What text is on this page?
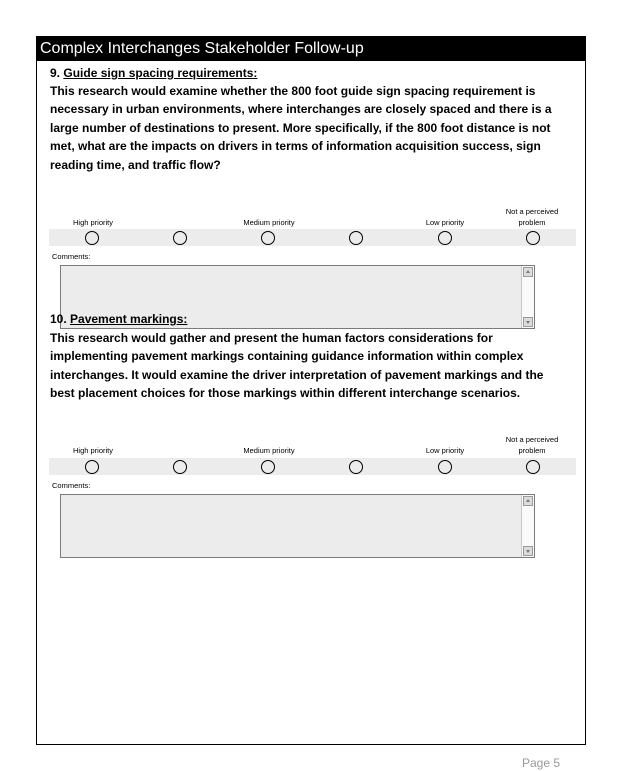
Complex Interchanges Stakeholder Follow-up
9. Guide sign spacing requirements:
This research would examine whether the 800 foot guide sign spacing requirement is necessary in urban environments, where interchanges are closely spaced and there is a large number of destinations to present. More specifically, if the 800 foot distance is not met, what are the impacts on drivers in terms of information acquisition success, sign reading time, and traffic flow?
High priority	Medium priority	Low priority
Not a perceived
problem
Comments:
10. Pavement markings:
This research would gather and present the human factors considerations for implementing pavement markings containing guidance information within complex interchanges. It would examine the driver interpretation of pavement markings and the best placement choices for those markings within different interchange scenarios.
High priority	Medium priority	Low priority
Not a perceived
problem
Comments:
Page 5
